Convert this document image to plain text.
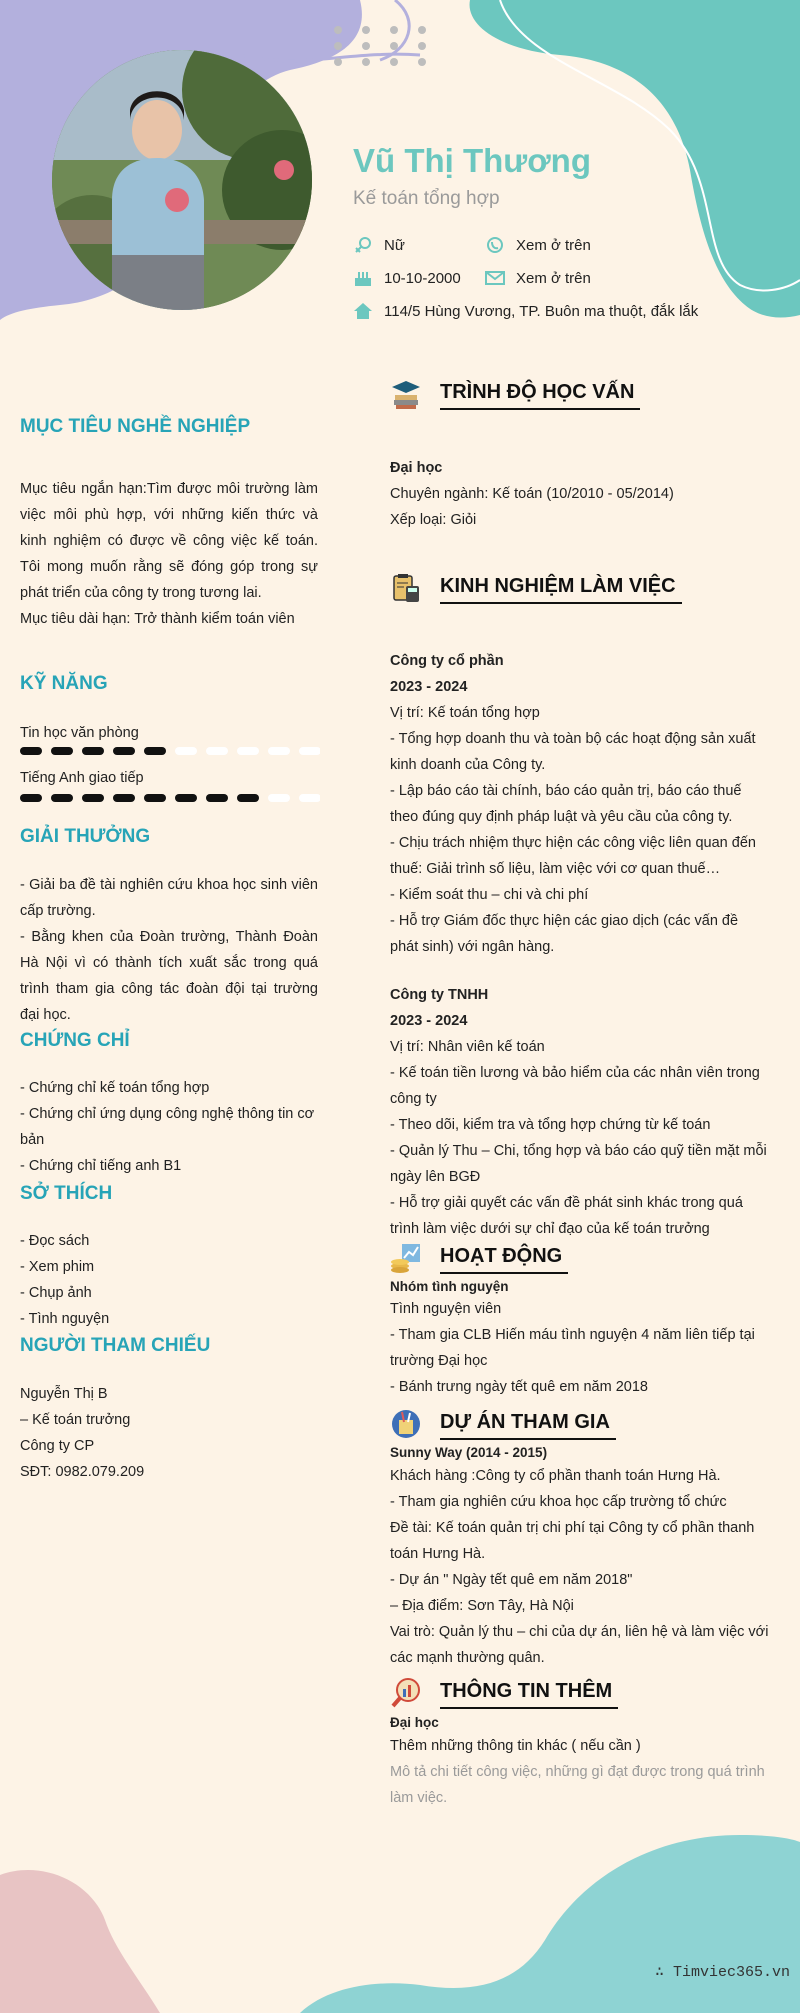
Vũ Thị Thương
Kế toán tổng hợp
Nữ	Xem ở trên
10-10-2000	Xem ở trên
114/5 Hùng Vương, TP. Buôn ma thuột, đắk lắk
MỤC TIÊU NGHỀ NGHIỆP
Mục tiêu ngắn hạn:Tìm được môi trường làm việc môi phù hợp, với những kiến thức và kinh nghiệm có được về công việc kế toán. Tôi mong muốn rằng sẽ đóng góp trong sự phát triển của công ty trong tương lai.
Mục tiêu dài hạn: Trở thành kiểm toán viên
KỸ NĂNG
Tin học văn phòng
Tiếng Anh giao tiếp
GIẢI THƯỞNG
- Giải ba đề tài nghiên cứu khoa học sinh viên cấp trường.
- Bằng khen của Đoàn trường, Thành Đoàn Hà Nội vì có thành tích xuất sắc trong quá trình tham gia công tác đoàn đội tại trường đại học.
CHỨNG CHỈ
- Chứng chỉ kế toán tổng hợp
- Chứng chỉ ứng dụng công nghệ thông tin cơ bản
- Chứng chỉ tiếng anh B1
SỞ THÍCH
- Đọc sách
- Xem phim
- Chụp ảnh
- Tình nguyện
NGƯỜI THAM CHIẾU
Nguyễn Thị B
– Kế toán trưởng
Công ty CP
SĐT: 0982.079.209
TRÌNH ĐỘ HỌC VẤN
Đại học
Chuyên ngành: Kế toán (10/2010 - 05/2014)
Xếp loại: Giỏi
KINH NGHIỆM LÀM VIỆC
Công ty cổ phần
2023 - 2024
Vị trí: Kế toán tổng hợp
- Tổng hợp doanh thu và toàn bộ các hoạt động sản xuất kinh doanh của Công ty.
- Lập báo cáo tài chính, báo cáo quản trị, báo cáo thuế theo đúng quy định pháp luật và yêu cầu của công ty.
- Chịu trách nhiệm thực hiện các công việc liên quan đến thuế: Giải trình số liệu, làm việc với cơ quan thuế…
- Kiểm soát thu – chi và chi phí
- Hỗ trợ Giám đốc thực hiện các giao dịch (các vấn đề phát sinh) với ngân hàng.
Công ty TNHH
2023 - 2024
Vị trí: Nhân viên kế toán
- Kế toán tiền lương và bảo hiểm của các nhân viên trong công ty
- Theo dõi, kiểm tra và tổng hợp chứng từ kế toán
- Quản lý Thu – Chi, tổng hợp và báo cáo quỹ tiền mặt mỗi ngày lên BGĐ
- Hỗ trợ giải quyết các vấn đề phát sinh khác trong quá trình làm việc dưới sự chỉ đạo của kế toán trưởng
HOẠT ĐỘNG
Nhóm tình nguyện
Tình nguyện viên
- Tham gia CLB Hiến máu tình nguyện 4 năm liên tiếp tại trường Đại học
- Bánh trưng ngày tết quê em năm 2018
DỰ ÁN THAM GIA
Sunny Way (2014 - 2015)
Khách hàng :Công ty cổ phần thanh toán Hưng Hà.
- Tham gia nghiên cứu khoa học cấp trường tổ chức
Đề tài: Kế toán quản trị chi phí tại Công ty cổ phần thanh toán Hưng Hà.
- Dự án " Ngày tết quê em năm 2018"
– Địa điểm: Sơn Tây, Hà Nội
Vai trò: Quản lý thu – chi của dự án, liên hệ và làm việc với các mạnh thường quân.
THÔNG TIN THÊM
Đại học
Thêm những thông tin khác ( nếu cần )
Mô tả chi tiết công việc, những gì đạt được trong quá trình làm việc.
∴ Timviec365.vn
